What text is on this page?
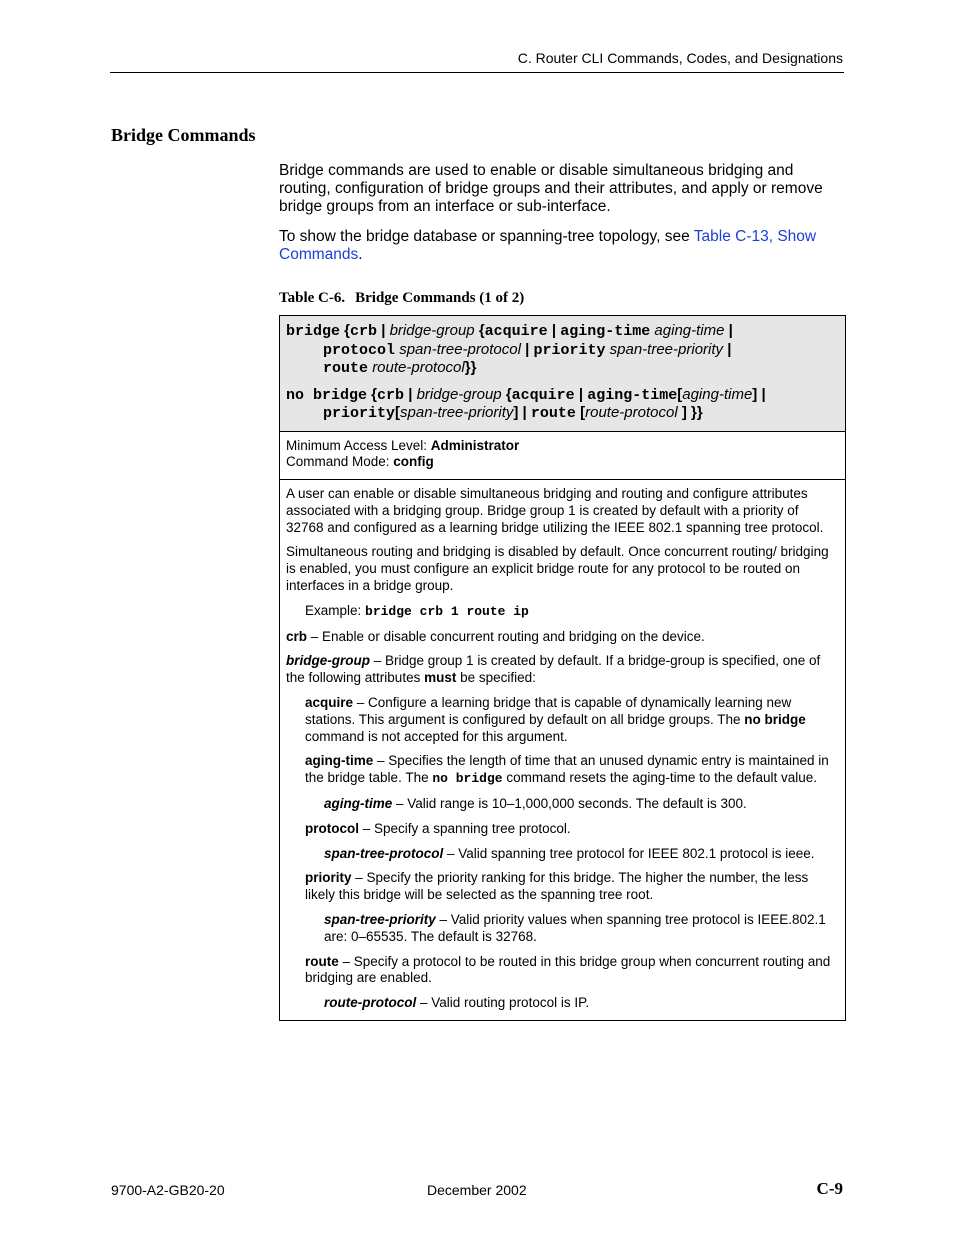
C. Router CLI Commands, Codes, and Designations
Bridge Commands

Bridge commands are used to enable or disable simultaneous bridging and routing, configuration of bridge groups and their attributes, and apply or remove bridge groups from an interface or sub-interface.

To show the bridge database or spanning-tree topology, see Table C-13, Show Commands.

Table C-6. Bridge Commands (1 of 2)
bridge {crb | bridge-group {acquire | aging-time aging-time |
protocol span-tree-protocol | priority span-tree-priority |
route route-protocol}}
no bridge {crb | bridge-group {acquire | aging-time[aging-time] |
priority[span-tree-priority] | route [route-protocol ] }}
Minimum Access Level: Administrator
Command Mode: config

A user can enable or disable simultaneous bridging and routing and configure attributes associated with a bridging group. Bridge group 1 is created by default with a priority of 32768 and configured as a learning bridge utilizing the IEEE 802.1 spanning tree protocol.

Simultaneous routing and bridging is disabled by default. Once concurrent routing/ bridging is enabled, you must configure an explicit bridge route for any protocol to be routed on interfaces in a bridge group.

Example: bridge crb 1 route ip

crb – Enable or disable concurrent routing and bridging on the device.

bridge-group – Bridge group 1 is created by default. If a bridge-group is specified, one of the following attributes must be specified:

acquire – Configure a learning bridge that is capable of dynamically learning new stations. This argument is configured by default on all bridge groups. The no bridge command is not accepted for this argument.

aging-time – Specifies the length of time that an unused dynamic entry is maintained in the bridge table. The no bridge command resets the aging-time to the default value.

aging-time – Valid range is 10–1,000,000 seconds. The default is 300.

protocol – Specify a spanning tree protocol.

span-tree-protocol – Valid spanning tree protocol for IEEE 802.1 protocol is ieee.

priority – Specify the priority ranking for this bridge. The higher the number, the less likely this bridge will be selected as the spanning tree root.

span-tree-priority – Valid priority values when spanning tree protocol is IEEE.802.1 are: 0–65535. The default is 32768.

route – Specify a protocol to be routed in this bridge group when concurrent routing and bridging are enabled.

route-protocol – Valid routing protocol is IP.

9700-A2-GB20-20	December 2002	C-9
